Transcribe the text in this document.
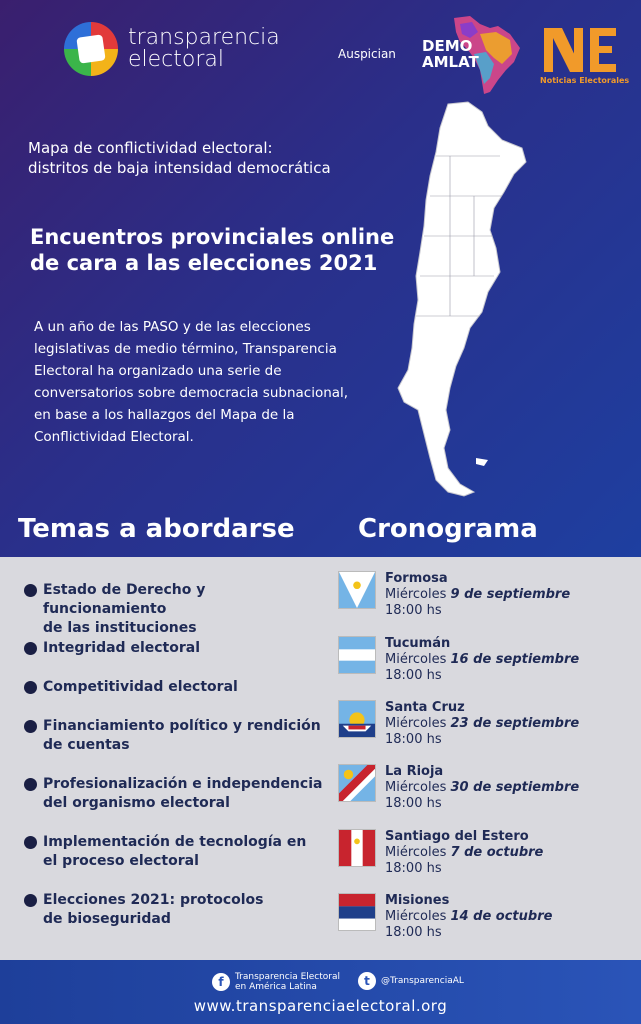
transparencia
electoral	Auspician DEMO
AMLAT
Noticias Electorales
Mapa de conflictividad electoral:
distritos de baja intensidad democrática
Encuentros provinciales online
de cara a las elecciones 2021
A un año de las PASO y de las elecciones legislativas de medio término, Transparencia Electoral ha organizado una serie de conversatorios sobre democracia subnacional, en base a los hallazgos del Mapa de la Conflictividad Electoral.
Temas a abordarse Cronograma
Estado de Derecho y funcionamiento
de las instituciones
Integridad electoral
Competitividad electoral
Financiamiento político y rendición
de cuentas
Profesionalización e independencia
del organismo electoral
Implementación de tecnología en
el proceso electoral
Elecciones 2021: protocolos
de bioseguridad
Formosa
Miércoles 9 de septiembre
18:00 hs
Tucumán
Miércoles 16 de septiembre
18:00 hs
Santa Cruz
Miércoles 23 de septiembre
18:00 hs
La Rioja
Miércoles 30 de septiembre
18:00 hs
Santiago del Estero
Miércoles 7 de octubre
18:00 hs
Misiones
Miércoles 14 de octubre
18:00 hs
f	Transparencia Electoral
en América Latina	t	@TransparenciaAL
www.transparenciaelectoral.org
